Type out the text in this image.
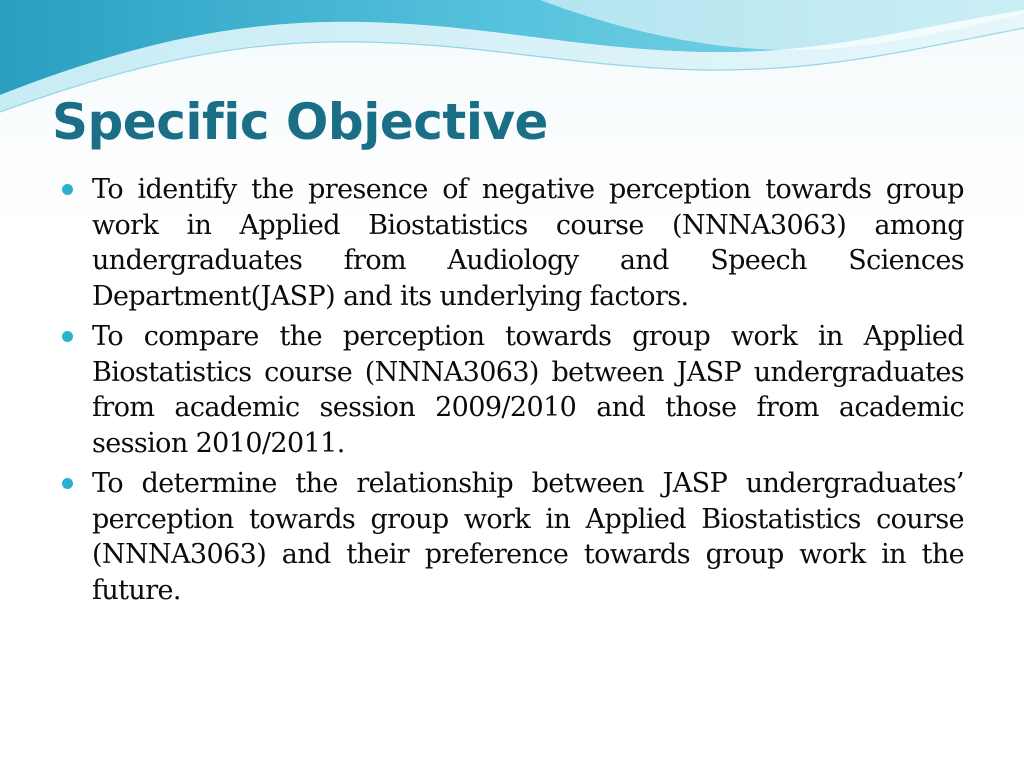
Specific Objective
To identify the presence of negative perception towards group work in Applied Biostatistics course (NNNA3063) among undergraduates from Audiology and Speech Sciences Department(JASP) and its underlying factors.
To compare the perception towards group work in Applied Biostatistics course (NNNA3063) between JASP undergraduates from academic session 2009/2010 and those from academic session 2010/2011.
To determine the relationship between JASP undergraduates’ perception towards group work in Applied Biostatistics course (NNNA3063) and their preference towards group work in the future.
